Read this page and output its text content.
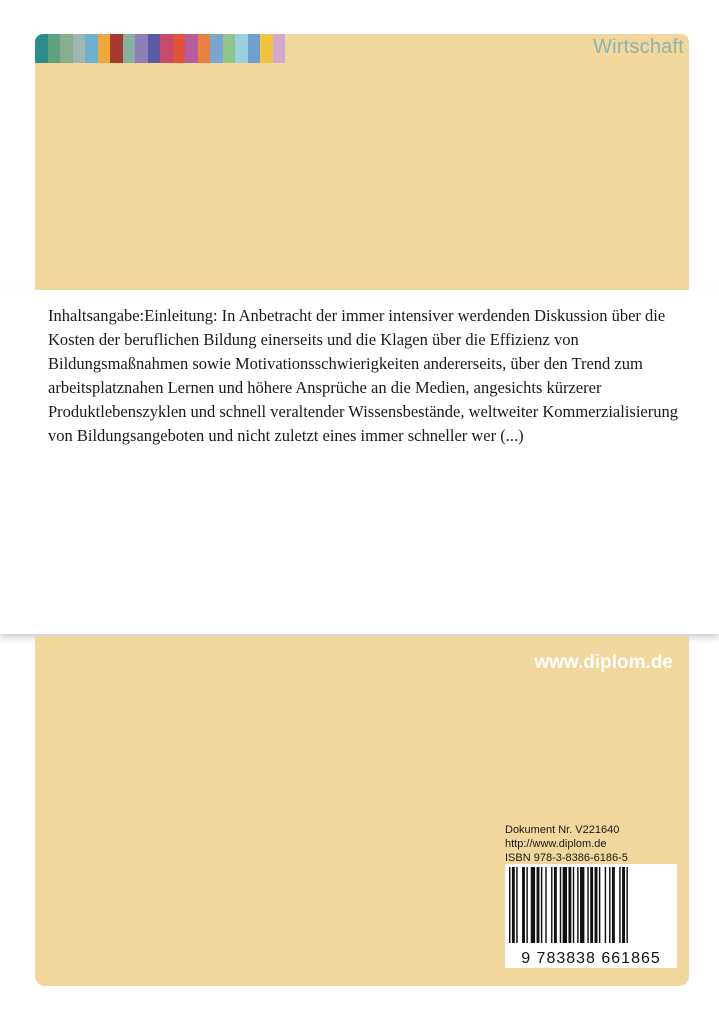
Wirtschaft

Inhaltsangabe:Einleitung: In Anbetracht der immer intensiver werdenden Diskussion über die Kosten der beruflichen Bildung einerseits und die Klagen über die Effizienz von Bildungsmaßnahmen sowie Motivationsschwierigkeiten andererseits, über den Trend zum arbeitsplatznahen Lernen und höhere Ansprüche an die Medien, angesichts kürzerer Produktlebenszyklen und schnell veraltender Wissensbestände, weltweiter Kommerzialisierung von Bildungsangeboten und nicht zuletzt eines immer schneller wer (...)

www.diplom.de
Dokument Nr. V221640
http://www.diplom.de
ISBN 978-3-8386-6186-5
9 783838 661865
